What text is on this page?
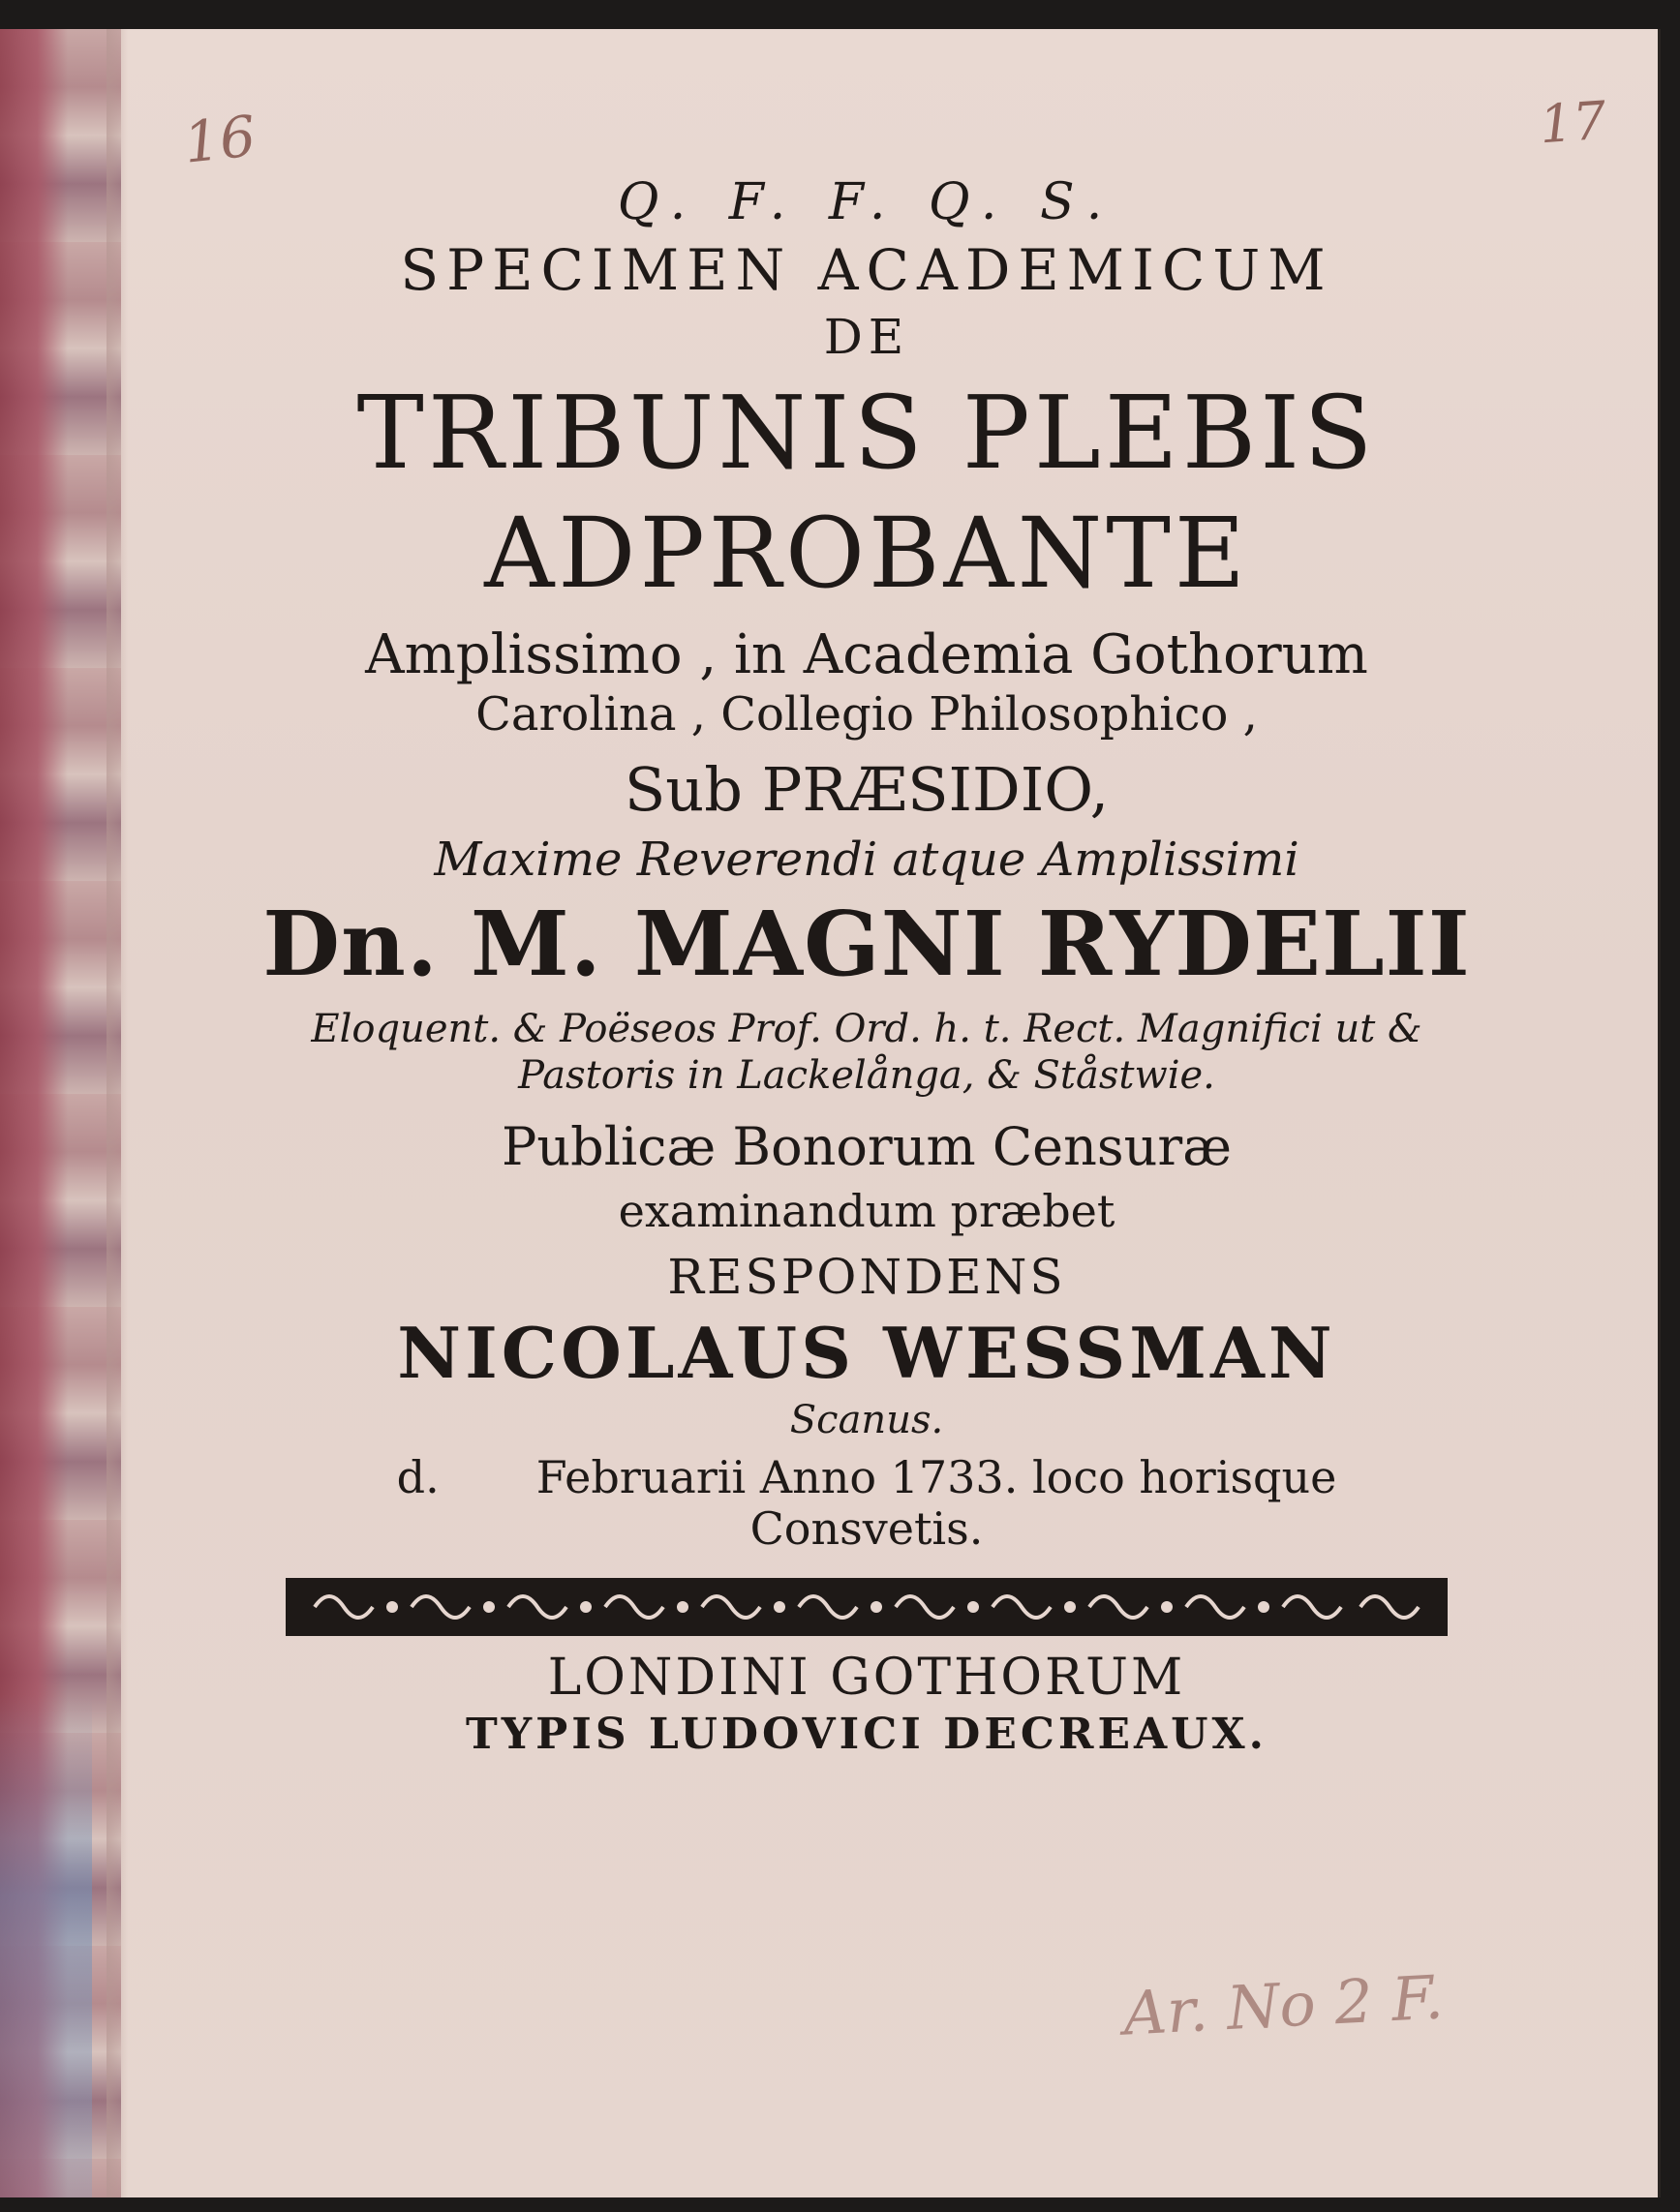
16	17
Ar. No 2 F.
Q. F. F. Q. S.
SPECIMEN ACADEMICUM
DE
TRIBUNIS PLEBIS
ADPROBANTE
Amplissimo , in Academia Gothorum
Carolina , Collegio Philosophico ,
Sub PRÆSIDIO,
Maxime Reverendi atque Amplissimi
Dn. M. MAGNI RYDELII
Eloquent. & Poëseos Prof. Ord. h. t. Rect. Magnifici ut &
Pastoris in Lackelånga, & Ståstwie.
Publicæ Bonorum Censuræ
examinandum præbet
RESPONDENS
NICOLAUS WESSMAN
Scanus.
d. Februarii Anno 1733. loco horisque
Consvetis.
LONDINI GOTHORUM
TYPIS LUDOVICI DECREAUX.
